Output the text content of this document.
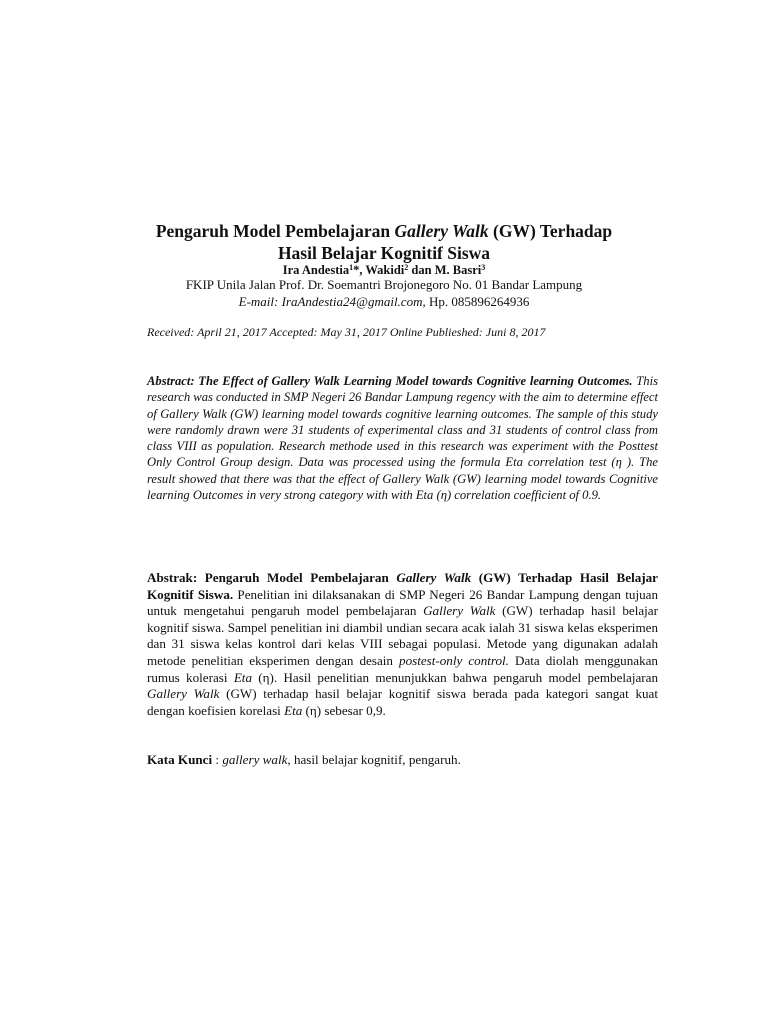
Pengaruh Model Pembelajaran Gallery Walk (GW) Terhadap
Hasil Belajar Kognitif Siswa
Ira Andestia$^1$*, Wakidi$^2$ dan M. Basri$^3$
FKIP Unila Jalan Prof. Dr. Soemantri Brojonegoro No. 01 Bandar Lampung
E-mail: IraAndestia24@gmail.com, Hp. 085896264936
Received: April 21, 2017 Accepted: May 31, 2017 Online Publieshed: Juni 8, 2017
Abstract: The Effect of Gallery Walk Learning Model towards Cognitive learning Outcomes. This research was conducted in SMP Negeri 26 Bandar Lampung regency with the aim to determine effect of Gallery Walk (GW) learning model towards cognitive learning outcomes. The sample of this study were randomly drawn were 31 students of experimental class and 31 students of control class from class VIII as population. Research methode used in this research was experiment with the Posttest Only Control Group design. Data was processed using the formula Eta correlation test (η ). The result showed that there was that the effect of Gallery Walk (GW) learning model towards Cognitive learning Outcomes in very strong category with with Eta (η) correlation coefficient of 0.9.
Abstrak: Pengaruh Model Pembelajaran Gallery Walk (GW) Terhadap Hasil Belajar Kognitif Siswa. Penelitian ini dilaksanakan di SMP Negeri 26 Bandar Lampung dengan tujuan untuk mengetahui pengaruh model pembelajaran Gallery Walk (GW) terhadap hasil belajar kognitif siswa. Sampel penelitian ini diambil undian secara acak ialah 31 siswa kelas eksperimen dan 31 siswa kelas kontrol dari kelas VIII sebagai populasi. Metode yang digunakan adalah metode penelitian eksperimen dengan desain postest-only control. Data diolah menggunakan rumus kolerasi Eta (η). Hasil penelitian menunjukkan bahwa pengaruh model pembelajaran Gallery Walk (GW) terhadap hasil belajar kognitif siswa berada pada kategori sangat kuat dengan koefisien korelasi Eta (η) sebesar 0,9.
Kata Kunci : gallery walk, hasil belajar kognitif, pengaruh.
